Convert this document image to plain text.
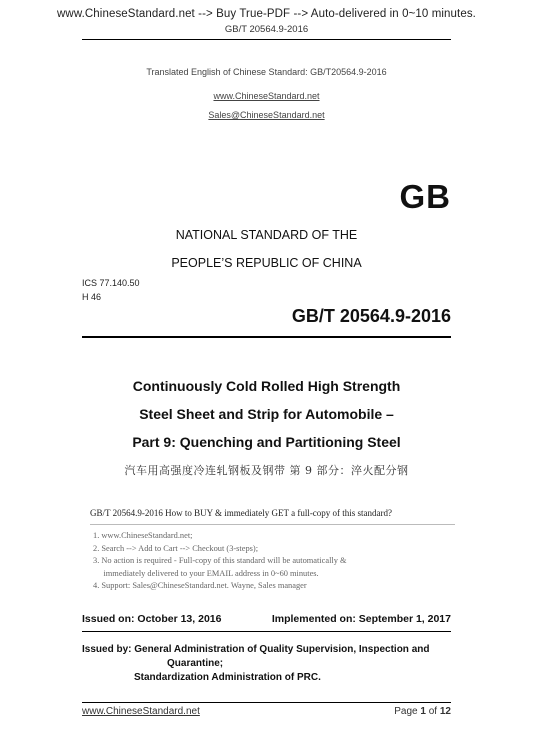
www.ChineseStandard.net --> Buy True-PDF --> Auto-delivered in 0~10 minutes.
GB/T 20564.9-2016
Translated English of Chinese Standard: GB/T20564.9-2016
www.ChineseStandard.net
Sales@ChineseStandard.net
GB
NATIONAL STANDARD OF THE
PEOPLE’S REPUBLIC OF CHINA
ICS 77.140.50
H 46
GB/T 20564.9-2016
Continuously Cold Rolled High Strength
Steel Sheet and Strip for Automobile –
Part 9: Quenching and Partitioning Steel
汽车用高强度冷连轧钢板及钢带 第 9 部分：淬火配分钢
GB/T 20564.9-2016 How to BUY & immediately GET a full-copy of this standard?
1. www.ChineseStandard.net;
2. Search --> Add to Cart --> Checkout (3-steps);
3. No action is required - Full-copy of this standard will be automatically &
immediately delivered to your EMAIL address in 0~60 minutes.
4. Support: Sales@ChineseStandard.net. Wayne, Sales manager
Issued on: October 13, 2016	Implemented on: September 1, 2017
Issued by: General Administration of Quality Supervision, Inspection and
Quarantine;
Standardization Administration of PRC.
www.ChineseStandard.net	Page 1 of 12
